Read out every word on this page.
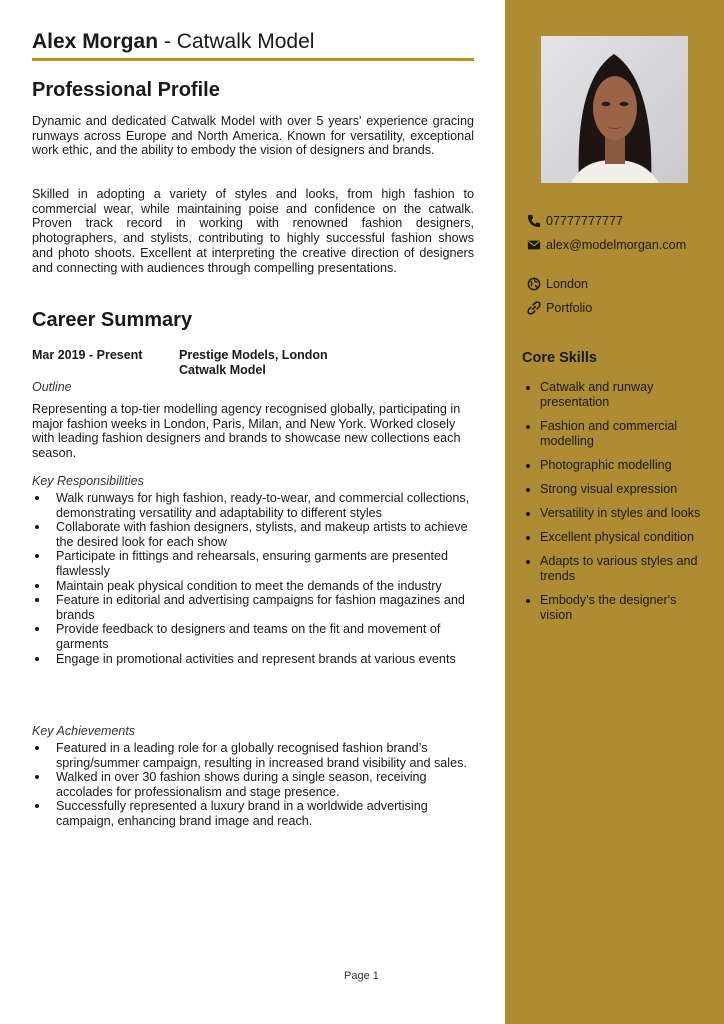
Alex Morgan - Catwalk Model
Professional Profile

Dynamic and dedicated Catwalk Model with over 5 years' experience gracing runways across Europe and North America. Known for versatility, exceptional work ethic, and the ability to embody the vision of designers and brands.

Skilled in adopting a variety of styles and looks, from high fashion to commercial wear, while maintaining poise and confidence on the catwalk. Proven track record in working with renowned fashion designers, photographers, and stylists, contributing to highly successful fashion shows and photo shoots. Excellent at interpreting the creative direction of designers and connecting with audiences through compelling presentations.

Career Summary
Mar 2019 - Present	Prestige Models, London
Catwalk Model
Outline

Representing a top-tier modelling agency recognised globally, participating in major fashion weeks in London, Paris, Milan, and New York. Worked closely with leading fashion designers and brands to showcase new collections each season.

Key Responsibilities
Walk runways for high fashion, ready-to-wear, and commercial collections, demonstrating versatility and adaptability to different styles
Collaborate with fashion designers, stylists, and makeup artists to achieve the desired look for each show
Participate in fittings and rehearsals, ensuring garments are presented flawlessly
Maintain peak physical condition to meet the demands of the industry
Feature in editorial and advertising campaigns for fashion magazines and brands
Provide feedback to designers and teams on the fit and movement of garments
Engage in promotional activities and represent brands at various events
Key Achievements
Featured in a leading role for a globally recognised fashion brand’s spring/summer campaign, resulting in increased brand visibility and sales.
Walked in over 30 fashion shows during a single season, receiving accolades for professionalism and stage presence.
Successfully represented a luxury brand in a worldwide advertising campaign, enhancing brand image and reach.
Page 1
07777777777
alex@modelmorgan.com
London
Portfolio
Core Skills
Catwalk and runway presentation
Fashion and commercial modelling
Photographic modelling
Strong visual expression
Versatility in styles and looks
Excellent physical condition
Adapts to various styles and trends
Embody's the designer's vision
